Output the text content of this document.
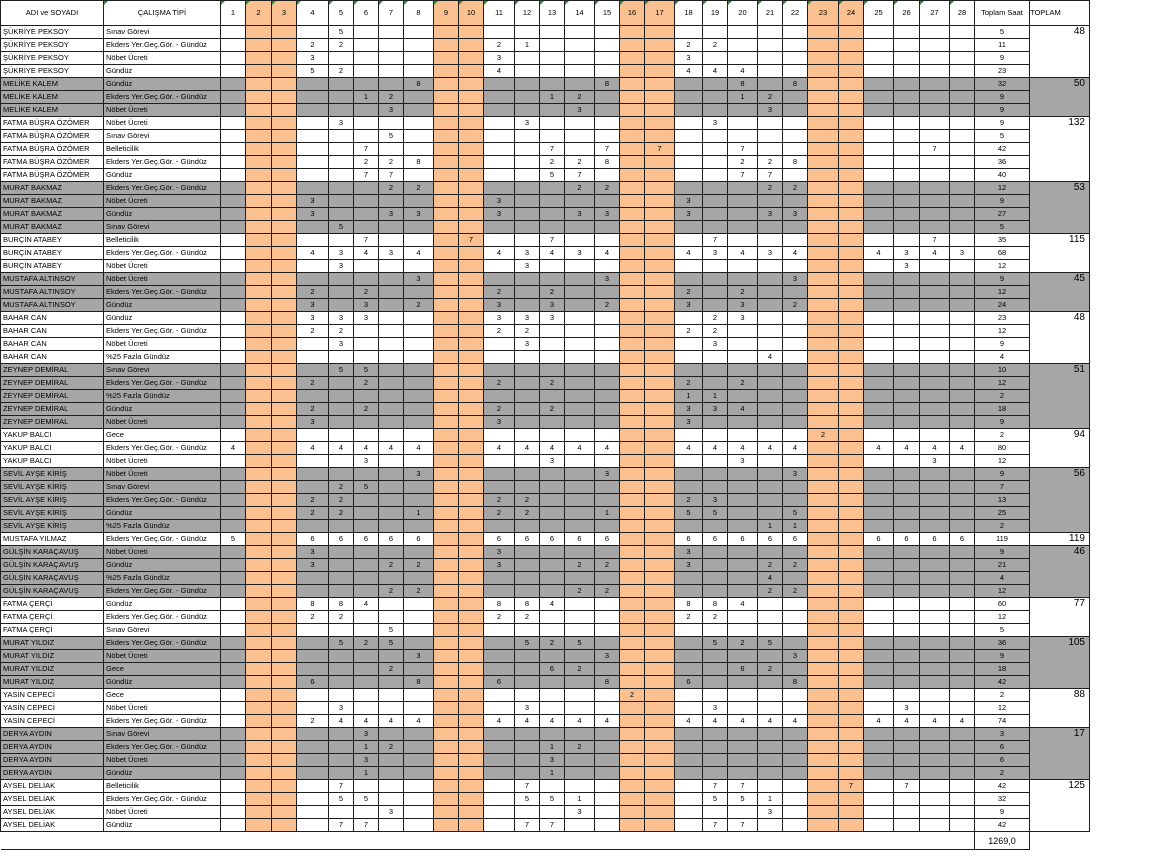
ADI ve SOYADI	ÇALIŞMA TİPİ	1	2	3	4	5	6	7	8	9	10	11	12	13	14	15	16	17	18	19	20	21	22	23	24	25	26	27	28	Toplam Saat	TOPLAM
ŞÜKRİYE PEKSOY	Sınav Görevi					5																								5	48
ŞÜKRİYE PEKSOY	Ekders Yer.Geç.Gör. - Gündüz				2	2						2	1						2	2										11	
ŞÜKRİYE PEKSOY	Nöbet Ücreti				3							3							3											9	
ŞÜKRİYE PEKSOY	Gündüz				5	2						4							4	4	4									23	
MELİKE KALEM	Gündüz								8							8					8		8							32	50
MELİKE KALEM	Ekders Yer.Geç.Gör. - Gündüz						1	2						1	2						1	2								9	
MELİKE KALEM	Nöbet Ücreti							3							3							3								9	
FATMA BÜŞRA ÖZÖMER	Nöbet Ücreti					3							3							3										9	132
FATMA BÜŞRA ÖZÖMER	Sınav Görevi							5																						5	
FATMA BÜŞRA ÖZÖMER	Belleticilik						7							7		7		7			7							7		42	
FATMA BÜŞRA ÖZÖMER	Ekders Yer.Geç.Gör. - Gündüz						2	2	8					2	2	8					2	2	8							36	
FATMA BÜŞRA ÖZÖMER	Gündüz						7	7						5	7						7	7								40	
MURAT BAKMAZ	Ekders Yer.Geç.Gör. - Gündüz							2	2						2	2						2	2							12	53
MURAT BAKMAZ	Nöbet Ücreti				3							3							3											9	
MURAT BAKMAZ	Gündüz				3			3	3			3			3	3			3			3	3							27	
MURAT BAKMAZ	Sınav Görevi					5																								5	
BURÇİN ATABEY	Belleticilik						7				7			7						7								7		35	115
BURÇİN ATABEY	Ekders Yer.Geç.Gör. - Gündüz				4	3	4	3	4			4	3	4	3	4			4	3	4	3	4			4	3	4	3	68	
BURÇİN ATABEY	Nöbet Ücreti					3							3														3			12	
MUSTAFA ALTINSOY	Nöbet Ücreti								3							3							3							9	45
MUSTAFA ALTINSOY	Ekders Yer.Geç.Gör. - Gündüz				2		2					2		2					2		2									12	
MUSTAFA ALTINSOY	Gündüz				3		3		2			3		3		2			3		3		2							24	
BAHAR CAN	Gündüz				3	3	3					3	3	3						2	3									23	48
BAHAR CAN	Ekders Yer.Geç.Gör. - Gündüz				2	2						2	2						2	2										12	
BAHAR CAN	Nöbet Ücreti					3							3							3										9	
BAHAR CAN	%25 Fazla Gündüz																					4								4	
ZEYNEP DEMİRAL	Sınav Görevi					5	5																							10	51
ZEYNEP DEMİRAL	Ekders Yer.Geç.Gör. - Gündüz				2		2					2		2					2		2									12	
ZEYNEP DEMİRAL	%25 Fazla Gündüz																		1	1										2	
ZEYNEP DEMİRAL	Gündüz				2		2					2		2					3	3	4									18	
ZEYNEP DEMİRAL	Nöbet Ücreti				3							3							3											9	
YAKUP BALCI	Gece																							2						2	94
YAKUP BALCI	Ekders Yer.Geç.Gör. - Gündüz	4			4	4	4	4	4			4	4	4	4	4			4	4	4	4	4			4	4	4	4	80	
YAKUP BALCI	Nöbet Ücreti						3							3							3							3		12	
SEVİL AYŞE KİRİŞ	Nöbet Ücreti								3							3							3							9	56
SEVİL AYŞE KİRİŞ	Sınav Görevi					2	5																							7	
SEVİL AYŞE KİRİŞ	Ekders Yer.Geç.Gör. - Gündüz				2	2						2	2						2	3										13	
SEVİL AYŞE KİRİŞ	Gündüz				2	2			1			2	2			1			5	5			5							25	
SEVİL AYŞE KİRİŞ	%25 Fazla Gündüz																					1	1							2	
MUSTAFA YILMAZ	Ekders Yer.Geç.Gör. - Gündüz	5			6	6	6	6	6			6	6	6	6	6			6	6	6	6	6			6	6	6	6	119	119
GÜLŞİN KARAÇAVUŞ	Nöbet Ücreti				3							3							3											9	46
GÜLŞİN KARAÇAVUŞ	Gündüz				3			2	2			3			2	2			3			2	2							21	
GÜLŞİN KARAÇAVUŞ	%25 Fazla Gündüz																					4								4	
GÜLŞİN KARAÇAVUŞ	Ekders Yer.Geç.Gör. - Gündüz							2	2						2	2						2	2							12	
FATMA ÇERÇİ	Gündüz				8	8	4					8	8	4					8	8	4									60	77
FATMA ÇERÇİ	Ekders Yer.Geç.Gör. - Gündüz				2	2						2	2						2	2										12	
FATMA ÇERÇİ	Sınav Görevi							5																						5	
MURAT YILDIZ	Ekders Yer.Geç.Gör. - Gündüz					5	2	5					5	2	5					5	2	5								36	105
MURAT YILDIZ	Nöbet Ücreti								3							3							3							9	
MURAT YILDIZ	Gece							2						6	2						6	2								18	
MURAT YILDIZ	Gündüz				6				8			6				8			6				8							42	
YASİN CEPECİ	Gece																2													2	88
YASİN CEPECİ	Nöbet Ücreti					3							3							3							3			12	
YASİN CEPECİ	Ekders Yer.Geç.Gör. - Gündüz				2	4	4	4	4			4	4	4	4	4			4	4	4	4	4			4	4	4	4	74	
DERYA AYDIN	Sınav Görevi						3																							3	17
DERYA AYDIN	Ekders Yer.Geç.Gör. - Gündüz						1	2						1	2															6	
DERYA AYDIN	Nöbet Ücreti						3							3																6	
DERYA AYDIN	Gündüz						1							1																2	
AYSEL DELİAK	Belleticilik					7							7							7	7				7		7			42	125
AYSEL DELİAK	Ekders Yer.Geç.Gör. - Gündüz					5	5						5	5	1					5	5	1								32	
AYSEL DELİAK	Nöbet Ücreti							3							3							3								9	
AYSEL DELİAK	Gündüz					7	7						7	7						7	7									42	
																														1269,0	
